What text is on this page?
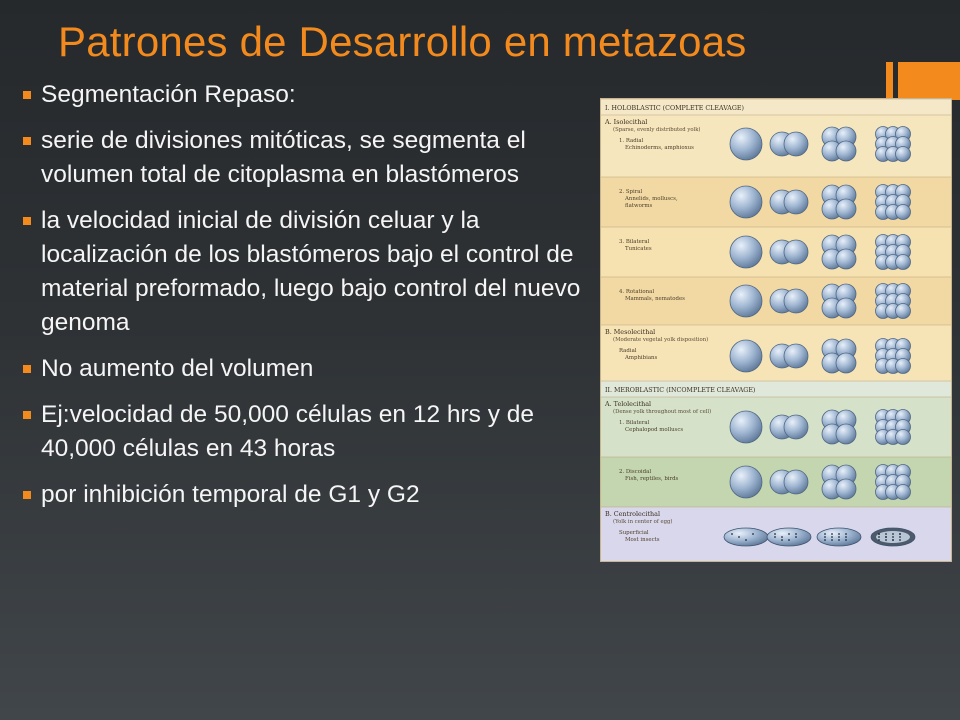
Patrones de Desarrollo en metazoas
Segmentación Repaso:
serie de divisiones mitóticas, se segmenta el volumen total de citoplasma en blastómeros
la velocidad inicial de división celuar y la localización de los blastómeros bajo el control de material preformado, luego bajo control del nuevo genoma
No aumento del volumen
Ej:velocidad de 50,000 células en 12 hrs y de 40,000 células en 43 horas
por inhibición temporal de G1 y G2
I. HOLOBLASTIC (COMPLETE CLEAVAGE)
A. Isolecithal
(Sparse, evenly distributed yolk)
1. Radial
Echinoderms, amphioxus
2. Spiral
Annelids, molluscs,
flatworms
3. Bilateral
Tunicates
4. Rotational
Mammals, nematodes
B. Mesolecithal
(Moderate vegetal yolk disposition)
Radial
Amphibians
II. MEROBLASTIC (INCOMPLETE CLEAVAGE)
A. Telolecithal
(Dense yolk throughout most of cell)
1. Bilateral
Cephalopod molluscs
2. Discoidal
Fish, reptiles, birds
B. Centrolecithal
(Yolk in center of egg)
Superficial
Most insects
